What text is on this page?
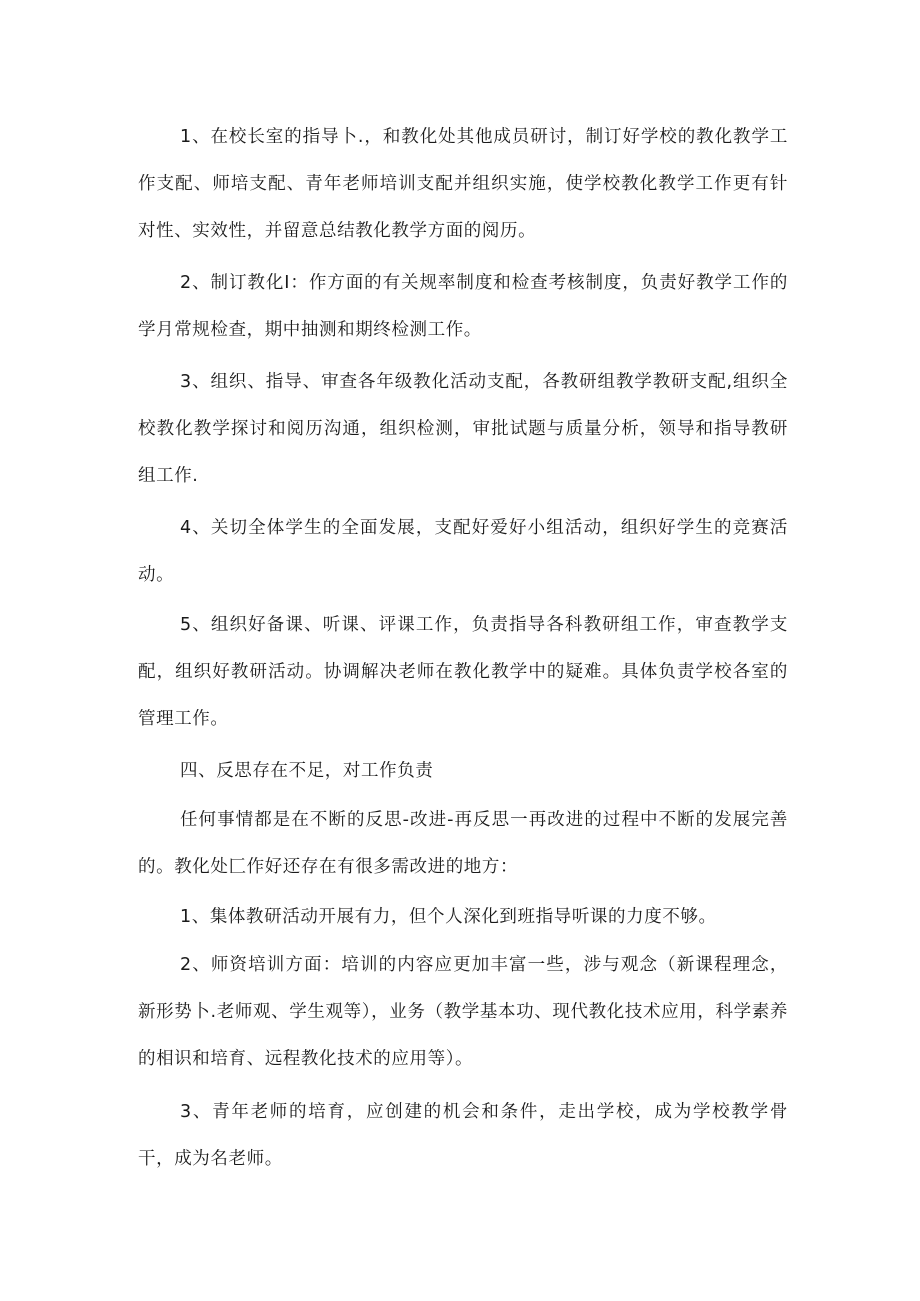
1、在校长室的指导卜.，和教化处其他成员研讨，制订好学校的教化教学工作支配、师培支配、青年老师培训支配并组织实施，使学校教化教学工作更有针对性、实效性，并留意总结教化教学方面的阅历。

2、制订教化I：作方面的有关规率制度和检查考核制度，负责好教学工作的学月常规检查，期中抽测和期终检测工作。

3、组织、指导、审查各年级教化活动支配，各教研组教学教研支配,组织全校教化教学探讨和阅历沟通，组织检测，审批试题与质量分析，领导和指导教研组工作.

4、关切全体学生的全面发展，支配好爱好小组活动，组织好学生的竞赛活动。

5、组织好备课、听课、评课工作，负责指导各科教研组工作，审查教学支配，组织好教研活动。协调解决老师在教化教学中的疑难。具体负责学校各室的管理工作。

四、反思存在不足，对工作负责

任何事情都是在不断的反思-改进-再反思一再改进的过程中不断的发展完善的。教化处匚作好还存在有很多需改进的地方：

1、集体教研活动开展有力，但个人深化到班指导听课的力度不够。

2、师资培训方面：培训的内容应更加丰富一些，涉与观念（新课程理念，新形势卜.老师观、学生观等），业务（教学基本功、现代教化技术应用，科学素养的相识和培育、远程教化技术的应用等）。

3、青年老师的培育，应创建的机会和条件，走出学校，成为学校教学骨干，成为名老师。
